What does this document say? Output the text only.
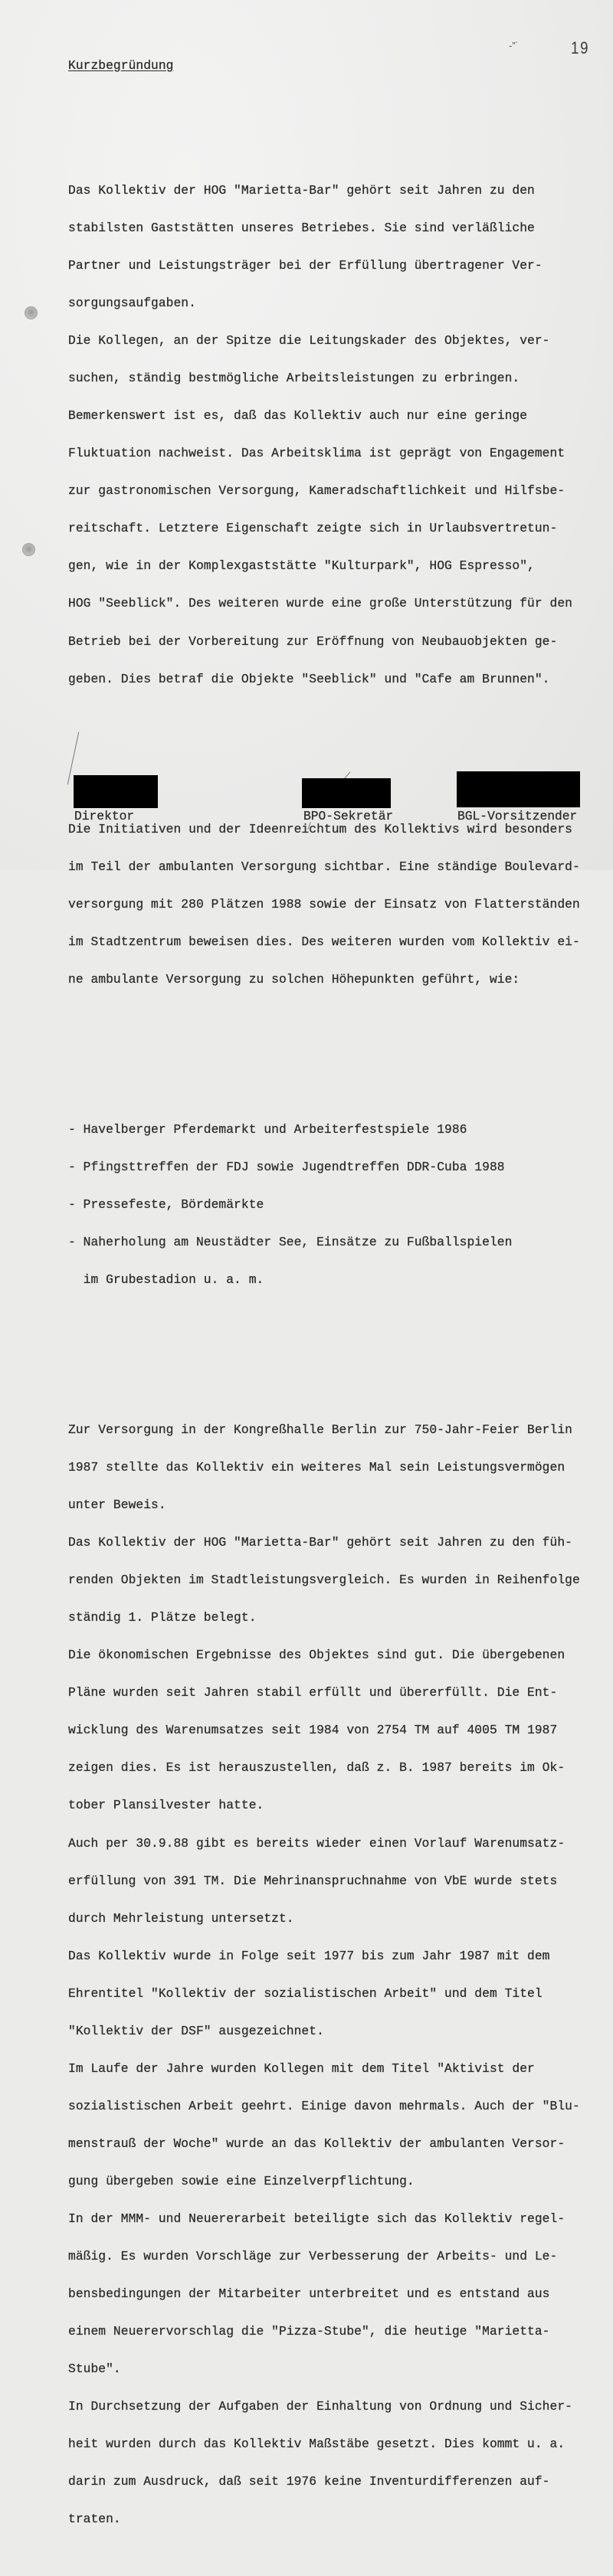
-”˙	19

Kurzbegründung

Das Kollektiv der HOG "Marietta-Bar" gehört seit Jahren zu den

stabilsten Gaststätten unseres Betriebes. Sie sind verläßliche

Partner und Leistungsträger bei der Erfüllung übertragener Ver-

sorgungsaufgaben.

Die Kollegen, an der Spitze die Leitungskader des Objektes, ver-

suchen, ständig bestmögliche Arbeitsleistungen zu erbringen.

Bemerkenswert ist es, daß das Kollektiv auch nur eine geringe

Fluktuation nachweist. Das Arbeitsklima ist geprägt von Engagement

zur gastronomischen Versorgung, Kameradschaftlichkeit und Hilfsbe-

reitschaft. Letztere Eigenschaft zeigte sich in Urlaubsvertretun-

gen, wie in der Komplexgaststätte "Kulturpark", HOG Espresso",

HOG "Seeblick". Des weiteren wurde eine große Unterstützung für den

Betrieb bei der Vorbereitung zur Eröffnung von Neubauobjekten ge-

geben. Dies betraf die Objekte "Seeblick" und "Cafe am Brunnen".

Die Initiativen und der Ideenreichtum des Kollektivs wird besonders

im Teil der ambulanten Versorgung sichtbar. Eine ständige Boulevard-

versorgung mit 280 Plätzen 1988 sowie der Einsatz von Flatterständen

im Stadtzentrum beweisen dies. Des weiteren wurden vom Kollektiv ei-

ne ambulante Versorgung zu solchen Höhepunkten geführt, wie:

- Havelberger Pferdemarkt und Arbeiterfestspiele 1986

- Pfingsttreffen der FDJ sowie Jugendtreffen DDR-Cuba 1988

- Pressefeste, Bördemärkte

- Naherholung am Neustädter See, Einsätze zu Fußballspielen

im Grubestadion u. a. m.

Zur Versorgung in der Kongreßhalle Berlin zur 750-Jahr-Feier Berlin

1987 stellte das Kollektiv ein weiteres Mal sein Leistungsvermögen

unter Beweis.

Das Kollektiv der HOG "Marietta-Bar" gehört seit Jahren zu den füh-

renden Objekten im Stadtleistungsvergleich. Es wurden in Reihenfolge

ständig 1. Plätze belegt.

Die ökonomischen Ergebnisse des Objektes sind gut. Die übergebenen

Pläne wurden seit Jahren stabil erfüllt und übererfüllt. Die Ent-

wicklung des Warenumsatzes seit 1984 von 2754 TM auf 4005 TM 1987

zeigen dies. Es ist herauszustellen, daß z. B. 1987 bereits im Ok-

tober Plansilvester hatte.

Auch per 30.9.88 gibt es bereits wieder einen Vorlauf Warenumsatz-

erfüllung von 391 TM. Die Mehrinanspruchnahme von VbE wurde stets

durch Mehrleistung untersetzt.

Das Kollektiv wurde in Folge seit 1977 bis zum Jahr 1987 mit dem

Ehrentitel "Kollektiv der sozialistischen Arbeit" und dem Titel

"Kollektiv der DSF" ausgezeichnet.

Im Laufe der Jahre wurden Kollegen mit dem Titel "Aktivist der

sozialistischen Arbeit geehrt. Einige davon mehrmals. Auch der "Blu-

menstrauß der Woche" wurde an das Kollektiv der ambulanten Versor-

gung übergeben sowie eine Einzelverpflichtung.

In der MMM- und Neuererarbeit beteiligte sich das Kollektiv regel-

mäßig. Es wurden Vorschläge zur Verbesserung der Arbeits- und Le-

bensbedingungen der Mitarbeiter unterbreitet und es entstand aus

einem Neuerervorschlag die "Pizza-Stube", die heutige "Marietta-

Stube".

In Durchsetzung der Aufgaben der Einhaltung von Ordnung und Sicher-

heit wurden durch das Kollektiv Maßstäbe gesetzt. Dies kommt u. a.

darin zum Ausdruck, daß seit 1976 keine Inventurdifferenzen auf-

traten.

Direktor	BPO-Sekretär	BGL-Vorsitzender
